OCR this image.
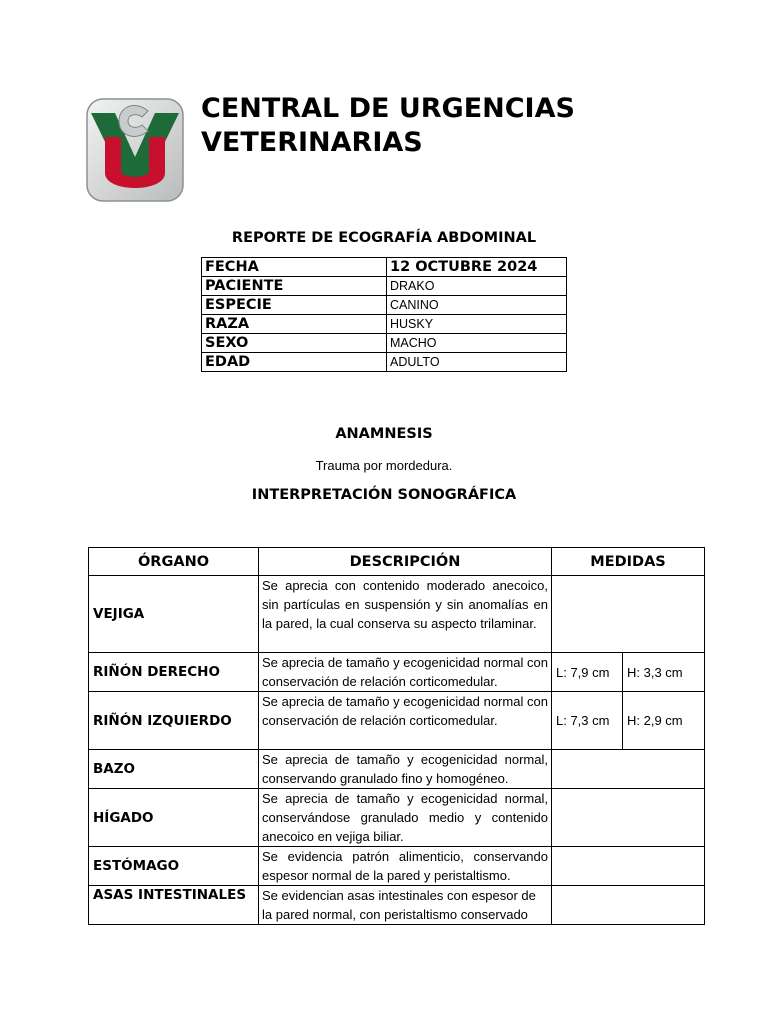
CENTRAL DE URGENCIAS
VETERINARIAS
REPORTE DE ECOGRAFÍA ABDOMINAL
FECHA	12 OCTUBRE 2024
PACIENTE	DRAKO
ESPECIE	CANINO
RAZA	HUSKY
SEXO	MACHO
EDAD	ADULTO
ANAMNESIS
Trauma por mordedura.
INTERPRETACIÓN SONOGRÁFICA
ÓRGANO	DESCRIPCIÓN	MEDIDAS	
VEJIGA	Se aprecia con contenido moderado anecoico, sin partículas en suspensión y sin anomalías en la pared, la cual conserva su aspecto trilaminar.		
RIÑÓN DERECHO	Se aprecia de tamaño y ecogenicidad normal con conservación de relación corticomedular.	L: 7,9 cm	H: 3,3 cm
RIÑÓN IZQUIERDO	Se aprecia de tamaño y ecogenicidad normal con conservación de relación corticomedular.	L: 7,3 cm	H: 2,9 cm
BAZO	Se aprecia de tamaño y ecogenicidad normal, conservando granulado fino y homogéneo.		
HÍGADO	Se aprecia de tamaño y ecogenicidad normal, conservándose granulado medio y contenido anecoico en vejiga biliar.		
ESTÓMAGO	Se evidencia patrón alimenticio, conservando espesor normal de la pared y peristaltismo.		
ASAS INTESTINALES	Se evidencian asas intestinales con espesor de la pared normal, con peristaltismo conservado		
